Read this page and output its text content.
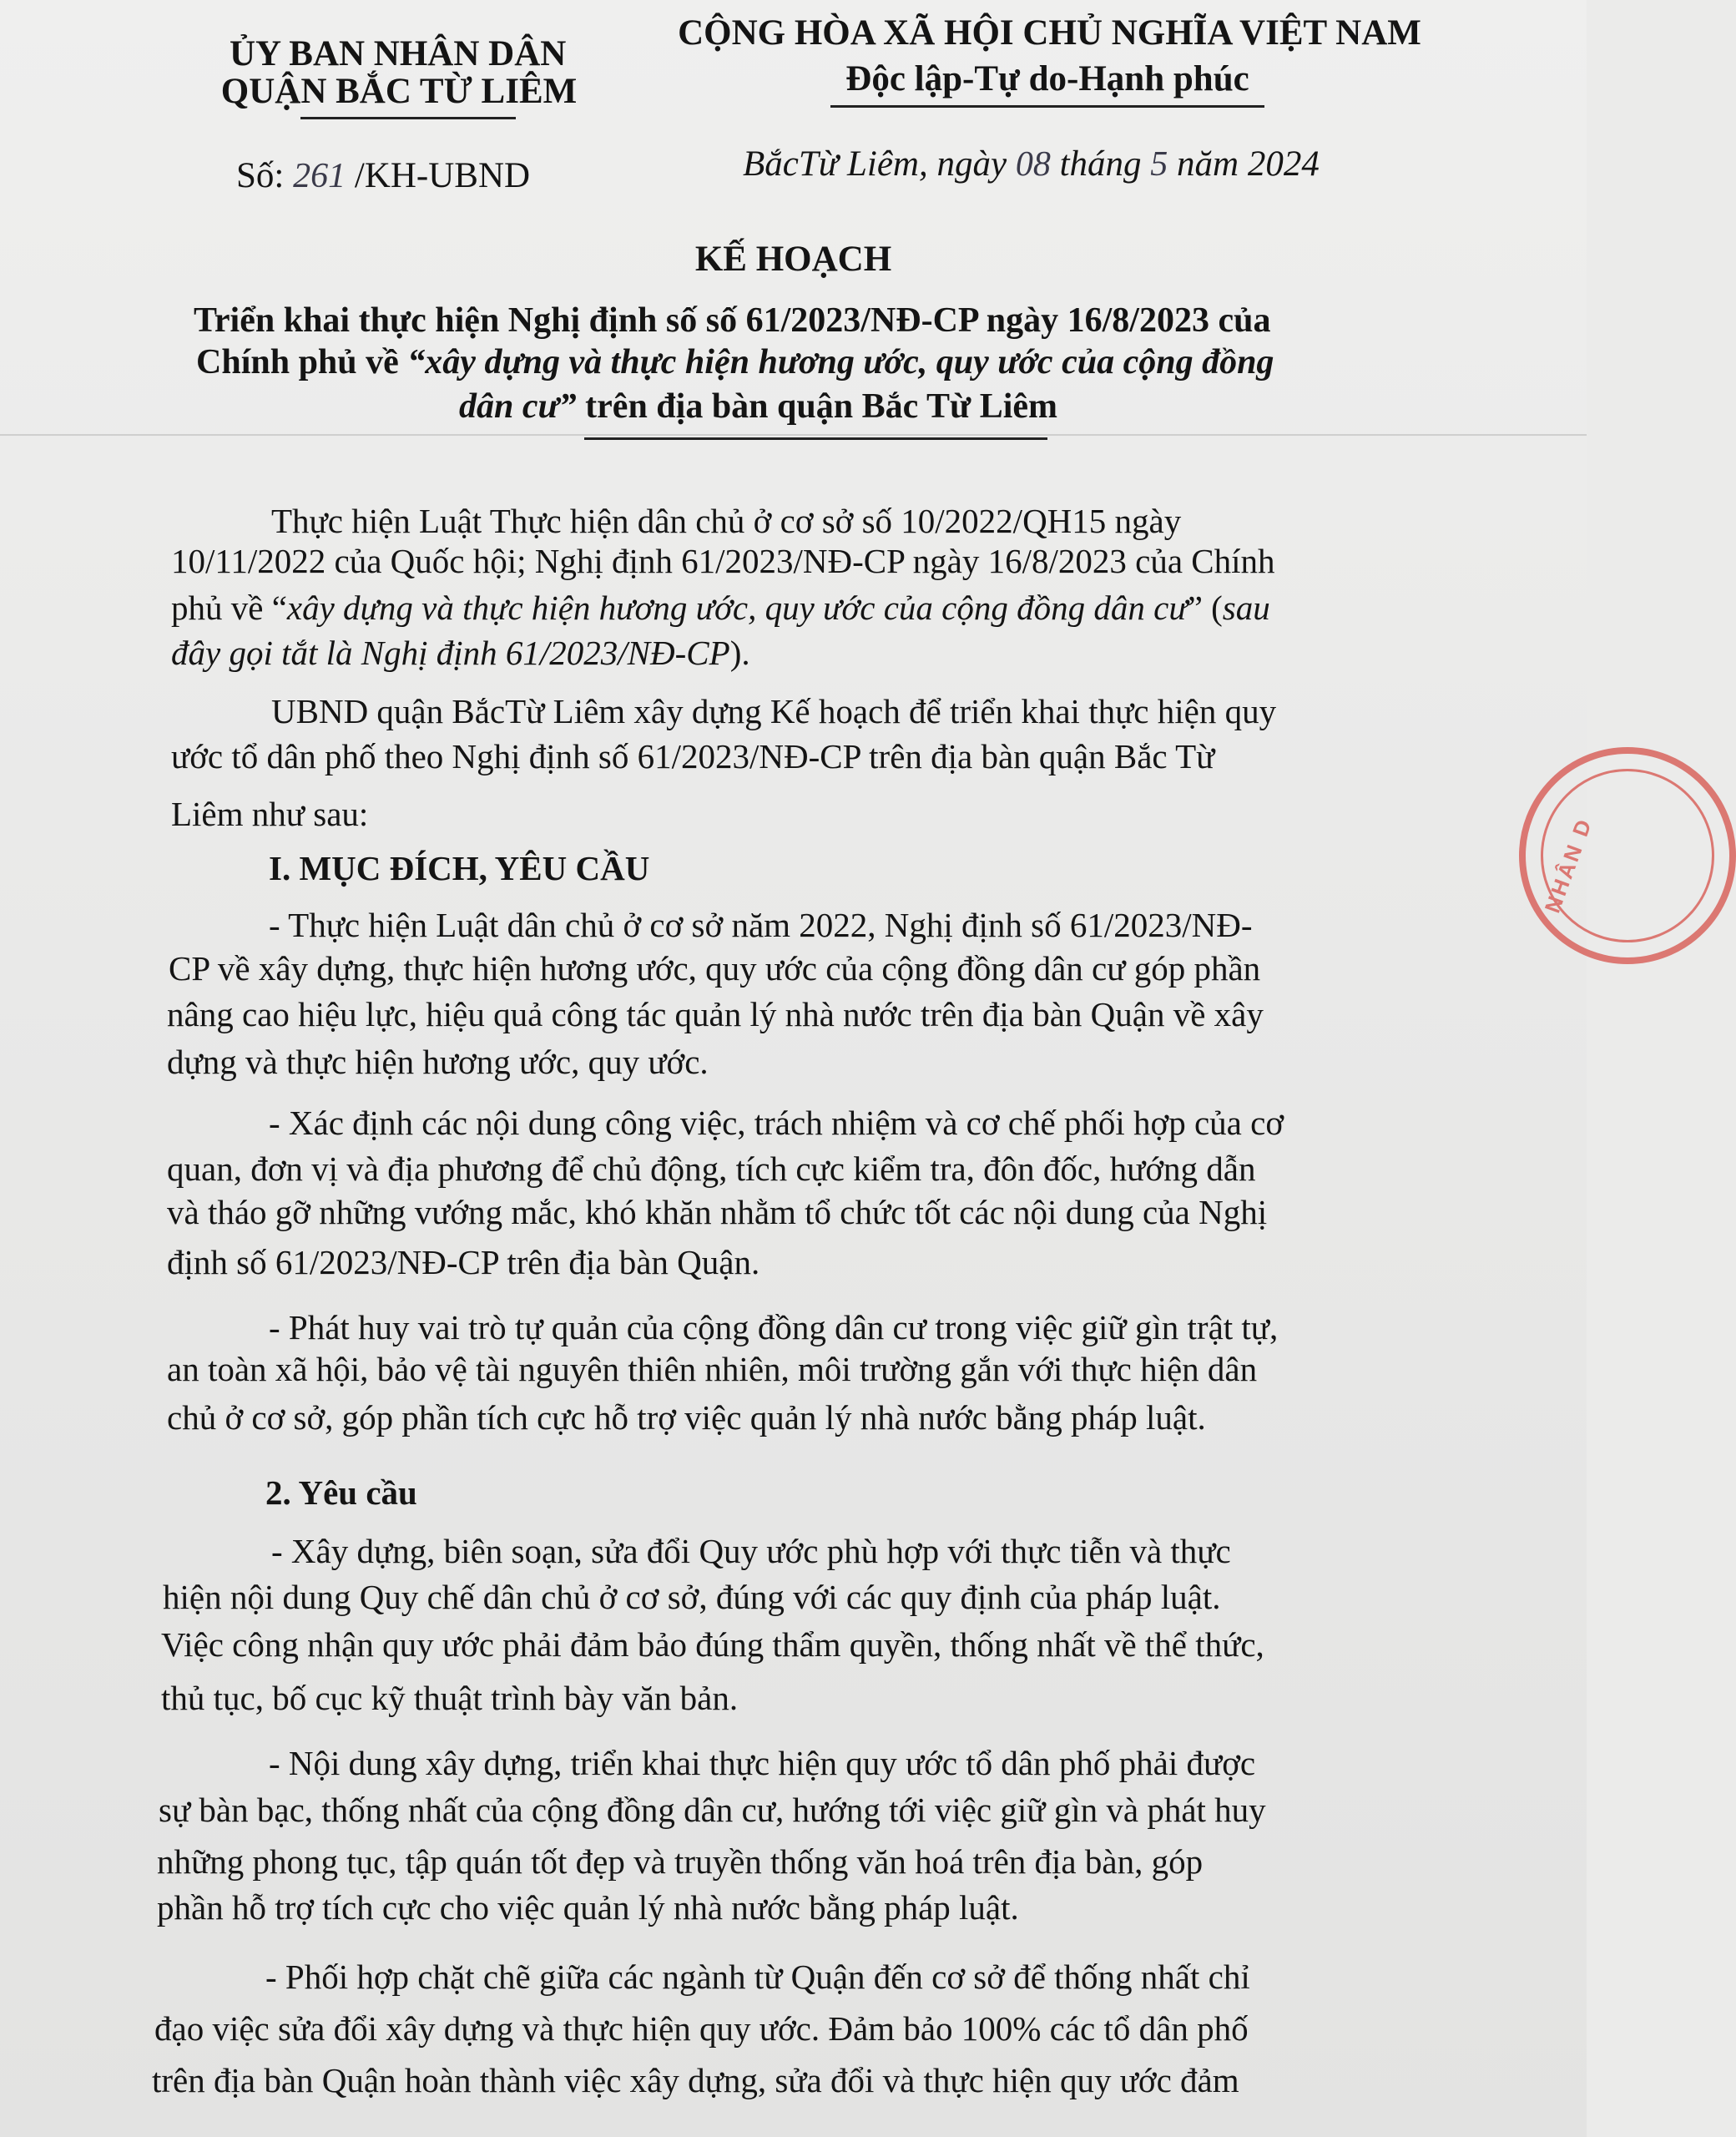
NHÂN D
ỦY BAN NHÂN DÂN
QUẬN BẮC TỪ LIÊM
CỘNG HÒA XÃ HỘI CHỦ NGHĨA VIỆT NAM
Độc lập-Tự do-Hạnh phúc
Số: 261 /KH-UBND	BắcTừ Liêm, ngày 08 tháng 5 năm 2024
KẾ HOẠCH
Triển khai thực hiện Nghị định số số 61/2023/NĐ-CP ngày 16/8/2023 của
Chính phủ về “xây dựng và thực hiện hương ước, quy ước của cộng đồng
dân cư” trên địa bàn quận Bắc Từ Liêm
Thực hiện Luật Thực hiện dân chủ ở cơ sở số 10/2022/QH15 ngày
10/11/2022 của Quốc hội; Nghị định 61/2023/NĐ-CP ngày 16/8/2023 của Chính
phủ về “xây dựng và thực hiện hương ước, quy ước của cộng đồng dân cư” (sau
đây gọi tắt là Nghị định 61/2023/NĐ-CP).
UBND quận BắcTừ Liêm xây dựng Kế hoạch để triển khai thực hiện quy
ước tổ dân phố theo Nghị định số 61/2023/NĐ-CP trên địa bàn quận Bắc Từ
Liêm như sau:
I. MỤC ĐÍCH, YÊU CẦU
- Thực hiện Luật dân chủ ở cơ sở năm 2022, Nghị định số 61/2023/NĐ-
CP về xây dựng, thực hiện hương ước, quy ước của cộng đồng dân cư góp phần
nâng cao hiệu lực, hiệu quả công tác quản lý nhà nước trên địa bàn Quận về xây
dựng và thực hiện hương ước, quy ước.
- Xác định các nội dung công việc, trách nhiệm và cơ chế phối hợp của cơ
quan, đơn vị và địa phương để chủ động, tích cực kiểm tra, đôn đốc, hướng dẫn
và tháo gỡ những vướng mắc, khó khăn nhằm tổ chức tốt các nội dung của Nghị
định số 61/2023/NĐ-CP trên địa bàn Quận.
- Phát huy vai trò tự quản của cộng đồng dân cư trong việc giữ gìn trật tự,
an toàn xã hội, bảo vệ tài nguyên thiên nhiên, môi trường gắn với thực hiện dân
chủ ở cơ sở, góp phần tích cực hỗ trợ việc quản lý nhà nước bằng pháp luật.
2. Yêu cầu
- Xây dựng, biên soạn, sửa đổi Quy ước phù hợp với thực tiễn và thực
hiện nội dung Quy chế dân chủ ở cơ sở, đúng với các quy định của pháp luật.
Việc công nhận quy ước phải đảm bảo đúng thẩm quyền, thống nhất về thể thức,
thủ tục, bố cục kỹ thuật trình bày văn bản.
- Nội dung xây dựng, triển khai thực hiện quy ước tổ dân phố phải được
sự bàn bạc, thống nhất của cộng đồng dân cư, hướng tới việc giữ gìn và phát huy
những phong tục, tập quán tốt đẹp và truyền thống văn hoá trên địa bàn, góp
phần hỗ trợ tích cực cho việc quản lý nhà nước bằng pháp luật.
- Phối hợp chặt chẽ giữa các ngành từ Quận đến cơ sở để thống nhất chỉ
đạo việc sửa đổi xây dựng và thực hiện quy ước. Đảm bảo 100% các tổ dân phố
trên địa bàn Quận hoàn thành việc xây dựng, sửa đổi và thực hiện quy ước đảm
